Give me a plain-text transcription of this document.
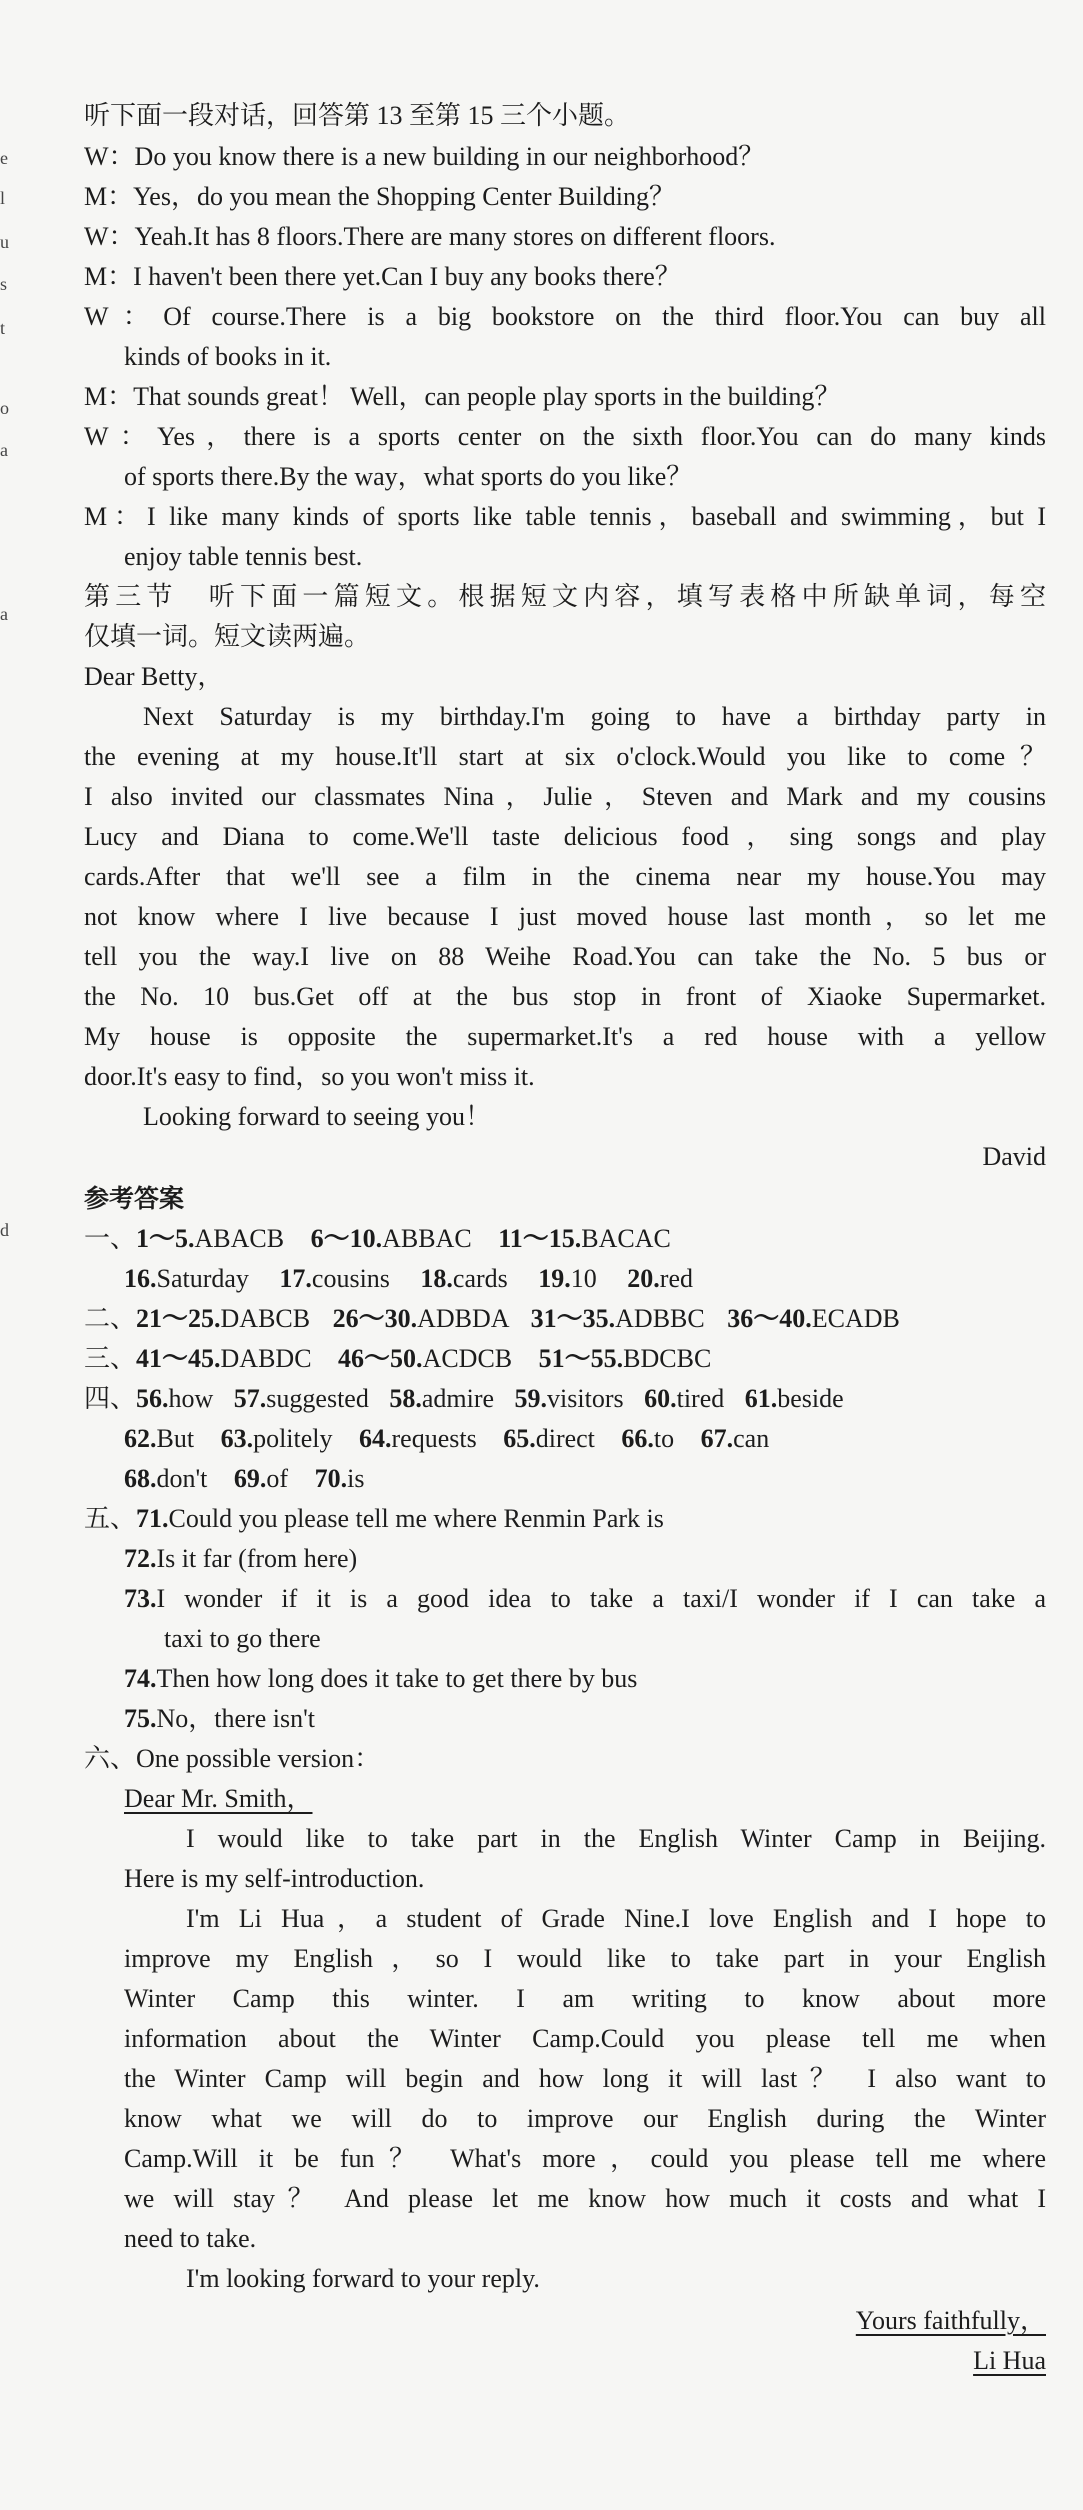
e
l
u
s
t
o
a
a
d
听下面一段对话，回答第 13 至第 15 三个小题。
W：Do you know there is a new building in our neighborhood？
M：Yes，do you mean the Shopping Center Building？
W：Yeah.It has 8 floors.There are many stores on different floors.
M：I haven't been there yet.Can I buy any books there？
W：Of course.There is a big bookstore on the third floor.You can buy all
kinds of books in it.
M：That sounds great！ Well，can people play sports in the building？
W：Yes，there is a sports center on the sixth floor.You can do many kinds
of sports there.By the way，what sports do you like？
M：I like many kinds of sports like table tennis，baseball and swimming，but I
enjoy table tennis best.
第三节　听下面一篇短文。根据短文内容，填写表格中所缺单词，每空
仅填一词。短文读两遍。
Dear Betty，
Next Saturday is my birthday.I'm going to have a birthday party in
the evening at my house.It'll start at six o'clock.Would you like to come？
I also invited our classmates Nina，Julie，Steven and Mark and my cousins
Lucy and Diana to come.We'll taste delicious food，sing songs and play
cards.After that we'll see a film in the cinema near my house.You may
not know where I live because I just moved house last month，so let me
tell you the way.I live on 88 Weihe Road.You can take the No. 5 bus or
the No. 10 bus.Get off at the bus stop in front of Xiaoke Supermarket.
My house is opposite the supermarket.It's a red house with a yellow
door.It's easy to find，so you won't miss it.
Looking forward to seeing you！
David
参考答案
一、1～5.ABACB 6～10.ABBAC 11～15.BACAC
16.Saturday 17.cousins 18.cards 19.10 20.red
二、21～25.DABCB 26～30.ADBDA 31～35.ADBBC 36～40.ECADB
三、41～45.DABDC 46～50.ACDCB 51～55.BDCBC
四、56.how 57.suggested 58.admire 59.visitors 60.tired 61.beside
62.But 63.politely 64.requests 65.direct 66.to 67.can
68.don't 69.of 70.is
五、71.Could you please tell me where Renmin Park is
72.Is it far (from here)
73.I wonder if it is a good idea to take a taxi/I wonder if I can take a
taxi to go there
74.Then how long does it take to get there by bus
75.No，there isn't
六、One possible version：
Dear Mr. Smith，
I would like to take part in the English Winter Camp in Beijing.
Here is my self-introduction.
I'm Li Hua，a student of Grade Nine.I love English and I hope to
improve my English，so I would like to take part in your English
Winter Camp this winter. I am writing to know about more
information about the Winter Camp.Could you please tell me when
the Winter Camp will begin and how long it will last？ I also want to
know what we will do to improve our English during the Winter
Camp.Will it be fun？ What's more，could you please tell me where
we will stay？ And please let me know how much it costs and what I
need to take.
I'm looking forward to your reply.
Yours faithfully，
Li Hua
